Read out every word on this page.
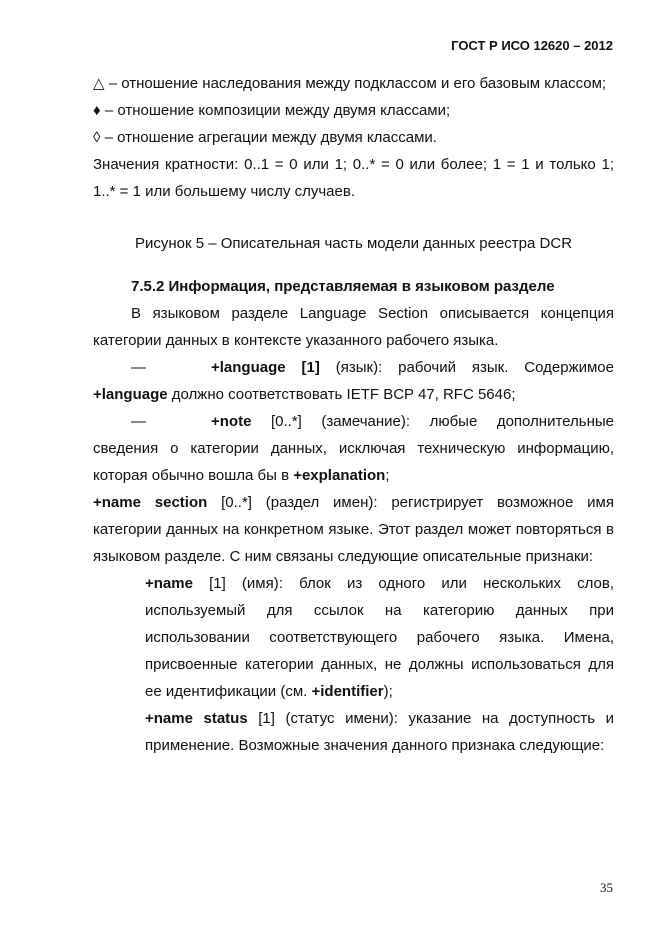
ГОСТ Р ИСО 12620 – 2012

△ – отношение наследования между подклассом и его базовым классом;

♦ – отношение композиции между двумя классами;

◊ – отношение агрегации между двумя классами.

Значения кратности: 0..1 = 0 или 1; 0..* = 0 или более; 1 = 1 и только 1; 1..* = 1 или большему числу случаев.

Рисунок 5 – Описательная часть модели данных реестра DCR

7.5.2 Информация, представляемая в языковом разделе

В языковом разделе Language Section описывается концепция категории данных в контексте указанного рабочего языка.

—	+language [1] (язык): рабочий язык. Содержимое +language должно соответствовать IETF BCP 47, RFC 5646;

—	+note [0..*] (замечание): любые дополнительные сведения о категории данных, исключая техническую информацию, которая обычно вошла бы в +explanation;

+name section [0..*] (раздел имен): регистрирует возможное имя категории данных на конкретном языке. Этот раздел может повторяться в языковом разделе. С ним связаны следующие описательные признаки:

+name [1] (имя): блок из одного или нескольких слов, используемый для ссылок на категорию данных при использовании соответствующего рабочего языка. Имена, присвоенные категории данных, не должны использоваться для ее идентификации (см. +identifier);

+name status [1] (статус имени): указание на доступность и применение. Возможные значения данного признака следующие:

35
